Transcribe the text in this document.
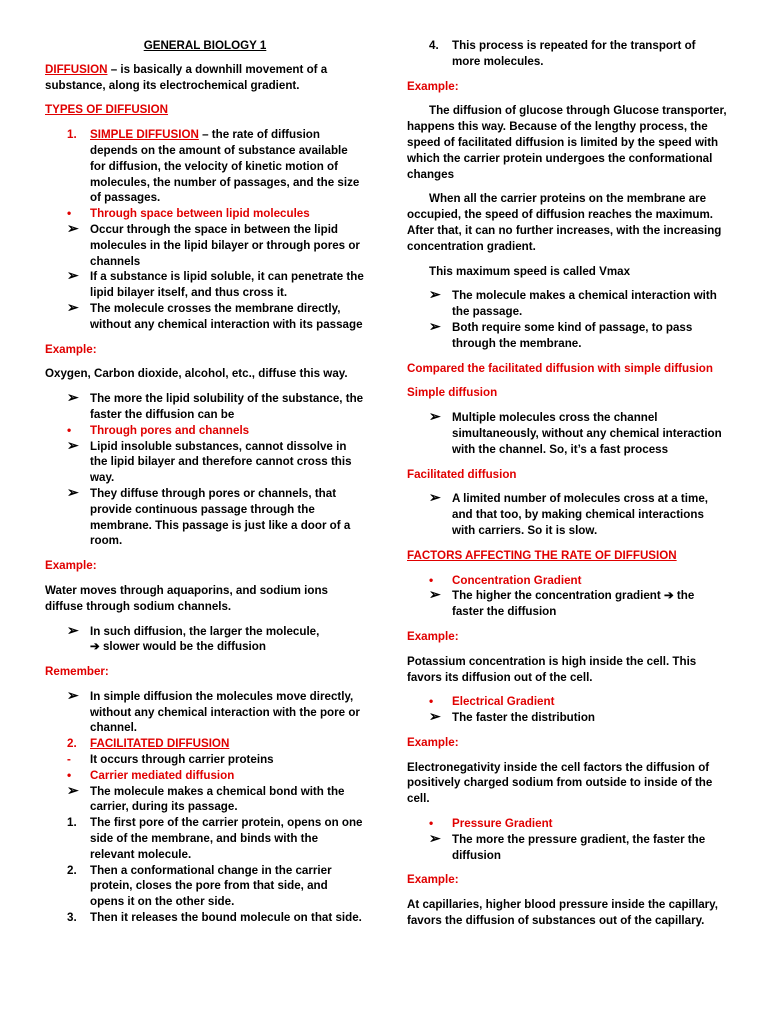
GENERAL BIOLOGY 1

DIFFUSION – is basically a downhill movement of a substance, along its electrochemical gradient.

TYPES OF DIFFUSION

1.	SIMPLE DIFFUSION – the rate of diffusion depends on the amount of substance available for diffusion, the velocity of kinetic motion of molecules, the number of passages, and the size of passages.
•	Through space between lipid molecules
➢ Occur through the space in between the lipid molecules in the lipid bilayer or through pores or channels
➢ If a substance is lipid soluble, it can penetrate the lipid bilayer itself, and thus cross it.
➢ The molecule crosses the membrane directly, without any chemical interaction with its passage

Example:

Oxygen, Carbon dioxide, alcohol, etc., diffuse this way.

➢ The more the lipid solubility of the substance, the faster the diffusion can be
•	Through pores and channels
➢ Lipid insoluble substances, cannot dissolve in the lipid bilayer and therefore cannot cross this way.
➢ They diffuse through pores or channels, that provide continuous passage through the membrane. This passage is just like a door of a room.

Example:

Water moves through aquaporins, and sodium ions diffuse through sodium channels.

➢ In such diffusion, the larger the molecule,
➔ slower would be the diffusion

Remember:

➢ In simple diffusion the molecules move directly, without any chemical interaction with the pore or channel.
2.	FACILITATED DIFFUSION
-	It occurs through carrier proteins
•	Carrier mediated diffusion
➢ The molecule makes a chemical bond with the carrier, during its passage.
1.	The first pore of the carrier protein, opens on one side of the membrane, and binds with the relevant molecule.
2.	Then a conformational change in the carrier protein, closes the pore from that side, and opens it on the other side.
3.	Then it releases the bound molecule on that side.
4.	This process is repeated for the transport of more molecules.

Example:

The diffusion of glucose through Glucose transporter, happens this way. Because of the lengthy process, the speed of facilitated diffusion is limited by the speed with which the carrier protein undergoes the conformational changes

When all the carrier proteins on the membrane are occupied, the speed of diffusion reaches the maximum. After that, it can no further increases, with the increasing concentration gradient.

This maximum speed is called Vmax

➢ The molecule makes a chemical interaction with the passage.
➢ Both require some kind of passage, to pass through the membrane.

Compared the facilitated diffusion with simple diffusion

Simple diffusion

➢ Multiple molecules cross the channel simultaneously, without any chemical interaction with the channel. So, it’s a fast process

Facilitated diffusion

➢ A limited number of molecules cross at a time, and that too, by making chemical interactions with carriers. So it is slow.

FACTORS AFFECTING THE RATE OF DIFFUSION

•	Concentration Gradient
➢ The higher the concentration gradient ➔ the faster the diffusion

Example:

Potassium concentration is high inside the cell. This favors its diffusion out of the cell.

•	Electrical Gradient
➢ The faster the distribution

Example:

Electronegativity inside the cell factors the diffusion of positively charged sodium from outside to inside of the cell.

•	Pressure Gradient
➢ The more the pressure gradient, the faster the diffusion

Example:

At capillaries, higher blood pressure inside the capillary, favors the diffusion of substances out of the capillary.
